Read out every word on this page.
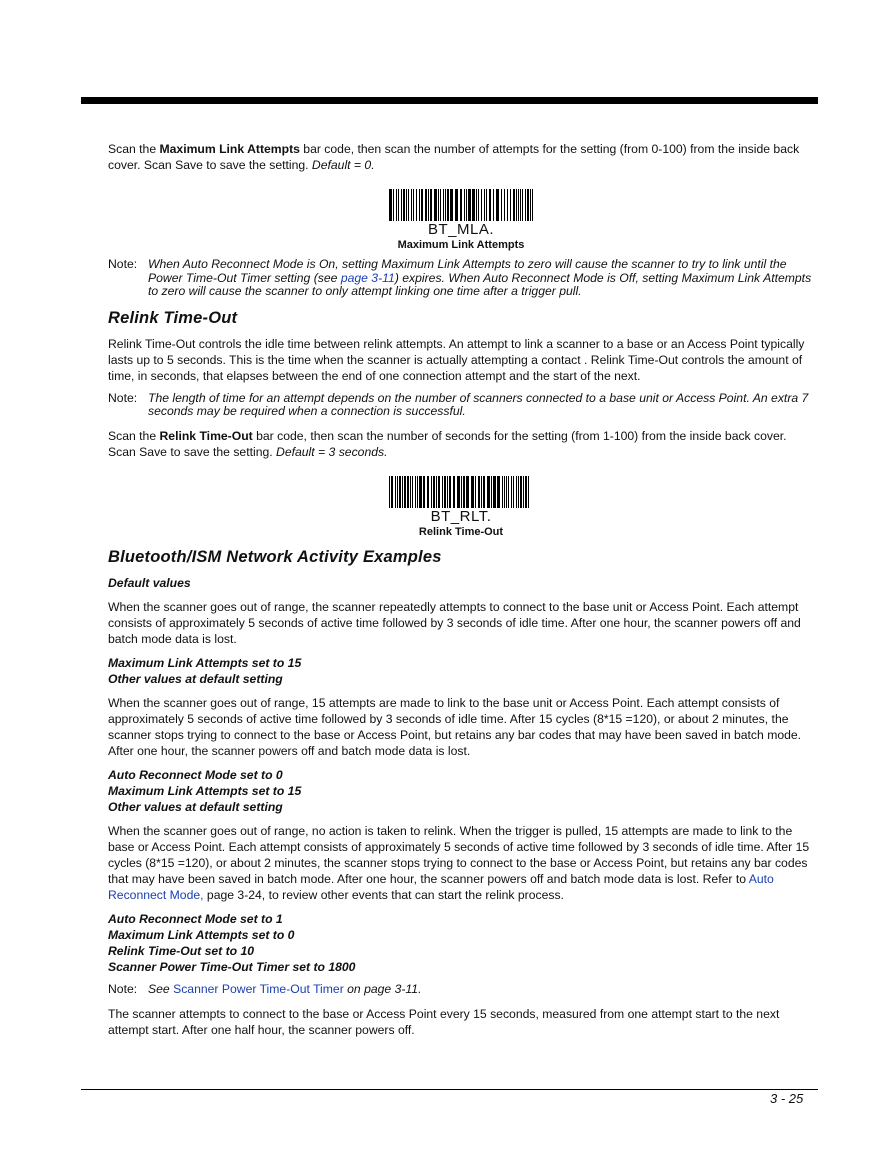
Scan the Maximum Link Attempts bar code, then scan the number of attempts for the setting (from 0-100) from the inside back cover. Scan Save to save the setting. Default = 0.

BT_MLA.
Maximum Link Attempts
Note: When Auto Reconnect Mode is On, setting Maximum Link Attempts to zero will cause the scanner to try to link until the Power Time-Out Timer setting (see page 3-11) expires. When Auto Reconnect Mode is Off, setting Maximum Link Attempts to zero will cause the scanner to only attempt linking one time after a trigger pull.
Relink Time-Out

Relink Time-Out controls the idle time between relink attempts. An attempt to link a scanner to a base or an Access Point typically lasts up to 5 seconds. This is the time when the scanner is actually attempting a contact . Relink Time-Out controls the amount of time, in seconds, that elapses between the end of one connection attempt and the start of the next.

Note: The length of time for an attempt depends on the number of scanners connected to a base unit or Access Point. An extra 7 seconds may be required when a connection is successful.

Scan the Relink Time-Out bar code, then scan the number of seconds for the setting (from 1-100) from the inside back cover. Scan Save to save the setting. Default = 3 seconds.

BT_RLT.
Relink Time-Out
Bluetooth/ISM Network Activity Examples
Default values

When the scanner goes out of range, the scanner repeatedly attempts to connect to the base unit or Access Point. Each attempt consists of approximately 5 seconds of active time followed by 3 seconds of idle time. After one hour, the scanner powers off and batch mode data is lost.

Maximum Link Attempts set to 15
Other values at default setting

When the scanner goes out of range, 15 attempts are made to link to the base unit or Access Point. Each attempt consists of approximately 5 seconds of active time followed by 3 seconds of idle time. After 15 cycles (8*15 =120), or about 2 minutes, the scanner stops trying to connect to the base or Access Point, but retains any bar codes that may have been saved in batch mode. After one hour, the scanner powers off and batch mode data is lost.

Auto Reconnect Mode set to 0
Maximum Link Attempts set to 15
Other values at default setting

When the scanner goes out of range, no action is taken to relink. When the trigger is pulled, 15 attempts are made to link to the base or Access Point. Each attempt consists of approximately 5 seconds of active time followed by 3 seconds of idle time. After 15 cycles (8*15 =120), or about 2 minutes, the scanner stops trying to connect to the base or Access Point, but retains any bar codes that may have been saved in batch mode. After one hour, the scanner powers off and batch mode data is lost. Refer to Auto Reconnect Mode, page 3-24, to review other events that can start the relink process.

Auto Reconnect Mode set to 1
Maximum Link Attempts set to 0
Relink Time-Out set to 10
Scanner Power Time-Out Timer set to 1800
Note: See Scanner Power Time-Out Timer on page 3-11.

The scanner attempts to connect to the base or Access Point every 15 seconds, measured from one attempt start to the next attempt start. After one half hour, the scanner powers off.

3 - 25
